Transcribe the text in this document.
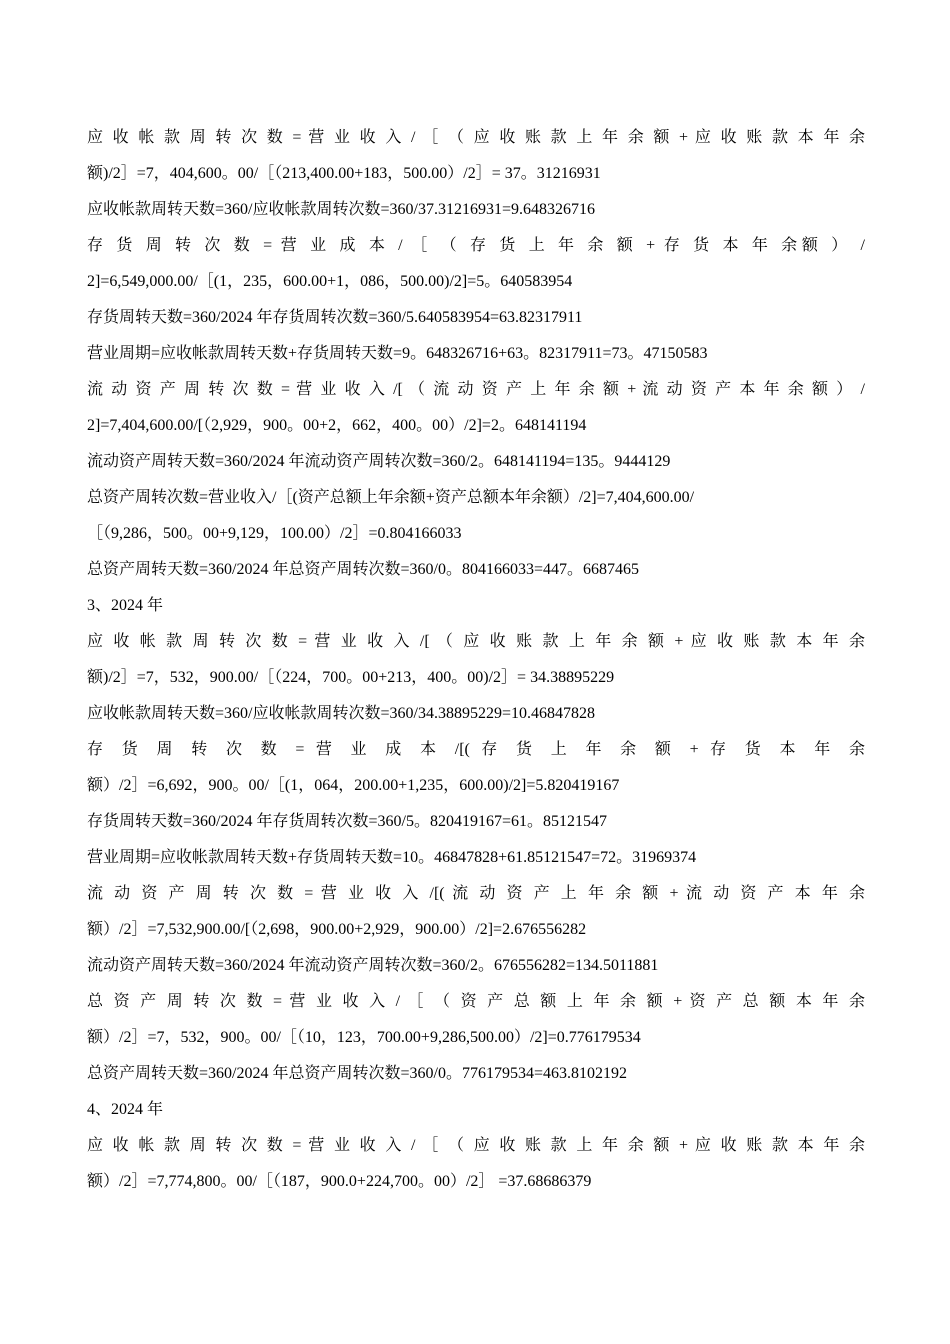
应 收 帐 款 周 转 次 数 = 营 业 收 入 / ［ （ 应 收 账 款 上 年 余 额 + 应 收 账 款 本 年 余
额)/2］=7，404,600。00/［（213,400.00+183，500.00）/2］= 37。31216931
应收帐款周转天数=360/应收帐款周转次数=360/37.31216931=9.648326716
存 货 周 转 次 数 = 营 业 成 本 / ［ （ 存 货 上 年 余 额 + 存 货 本 年 余额 ） /
2]=6,549,000.00/［(1，235，600.00+1，086，500.00)/2]=5。640583954
存货周转天数=360/2024 年存货周转次数=360/5.640583954=63.82317911
营业周期=应收帐款周转天数+存货周转天数=9。648326716+63。82317911=73。47150583
流 动 资 产 周 转 次 数 = 营 业 收 入 /[ （ 流 动 资 产 上 年 余 额 + 流 动 资 产 本 年 余 额 ） /
2]=7,404,600.00/[（2,929，900。00+2，662，400。00）/2]=2。648141194
流动资产周转天数=360/2024 年流动资产周转次数=360/2。648141194=135。9444129
总资产周转次数=营业收入/［(资产总额上年余额+资产总额本年余额）/2]=7,404,600.00/
［（9,286，500。00+9,129，100.00）/2］=0.804166033
总资产周转天数=360/2024 年总资产周转次数=360/0。804166033=447。6687465
3、2024 年
应 收 帐 款 周 转 次 数 = 营 业 收 入 /[ （ 应 收 账 款 上 年 余 额 + 应 收 账 款 本 年 余
额)/2］=7，532，900.00/［（224，700。00+213，400。00)/2］= 34.38895229
应收帐款周转天数=360/应收帐款周转次数=360/34.38895229=10.46847828
存 货 周 转 次 数 = 营 业 成 本 /[( 存 货 上 年 余 额 + 存 货 本 年 余
额）/2］=6,692，900。00/［(1，064，200.00+1,235，600.00)/2]=5.820419167
存货周转天数=360/2024 年存货周转次数=360/5。820419167=61。85121547
营业周期=应收帐款周转天数+存货周转天数=10。46847828+61.85121547=72。31969374
流 动 资 产 周 转 次 数 = 营 业 收 入 /[( 流 动 资 产 上 年 余 额 + 流 动 资 产 本 年 余
额）/2］=7,532,900.00/[（2,698，900.00+2,929，900.00）/2]=2.676556282
流动资产周转天数=360/2024 年流动资产周转次数=360/2。676556282=134.5011881
总 资 产 周 转 次 数 = 营 业 收 入 / ［ （ 资 产 总 额 上 年 余 额 + 资 产 总 额 本 年 余
额）/2］=7，532，900。00/［（10，123，700.00+9,286,500.00）/2]=0.776179534
总资产周转天数=360/2024 年总资产周转次数=360/0。776179534=463.8102192
4、2024 年
应 收 帐 款 周 转 次 数 = 营 业 收 入 / ［ （ 应 收 账 款 上 年 余 额 + 应 收 账 款 本 年 余
额）/2］=7,774,800。00/［（187，900.0+224,700。00）/2］ =37.68686379
